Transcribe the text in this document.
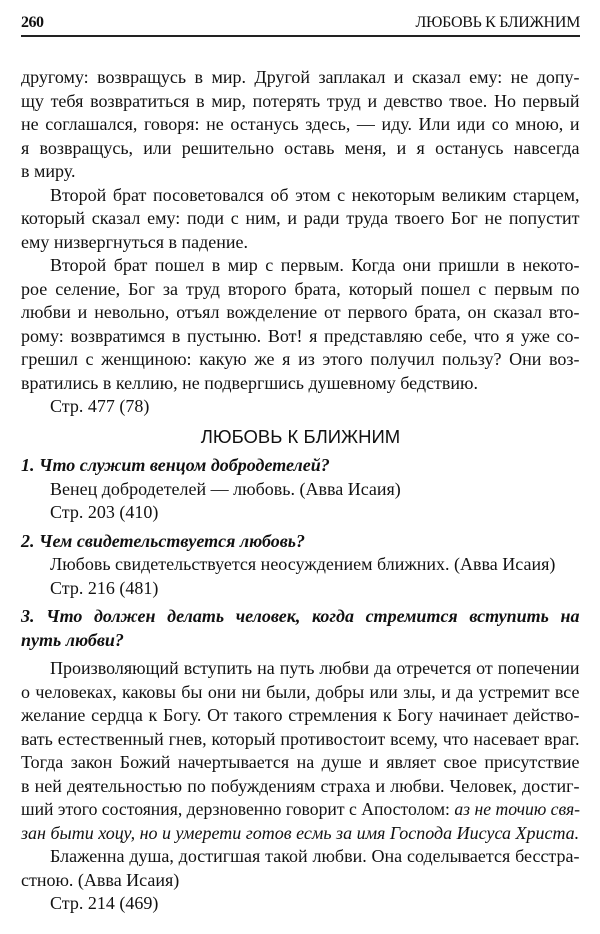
260	ЛЮБОВЬ К БЛИЖНИМ
другому: возвращусь в мир. Другой заплакал и сказал ему: не допу-
щу тебя возвратиться в мир, потерять труд и девство твое. Но первый
не соглашался, говоря: не останусь здесь, — иду. Или иди со мною, и
я возвращусь, или решительно оставь меня, и я останусь навсегда
в миру.
Второй брат посоветовался об этом с некоторым великим старцем,
который сказал ему: поди с ним, и ради труда твоего Бог не попустит
ему низвергнуться в падение.
Второй брат пошел в мир с первым. Когда они пришли в некото-
рое селение, Бог за труд второго брата, который пошел с первым по
любви и невольно, отъял вожделение от первого брата, он сказал вто-
рому: возвратимся в пустыню. Вот! я представляю себе, что я уже со-
грешил с женщиною: какую же я из этого получил пользу? Они воз-
вратились в келлию, не подвергшись душевному бедствию.
Стр. 477 (78)
ЛЮБОВЬ К БЛИЖНИМ
1. Что служит венцом добродетелей?
Венец добродетелей — любовь. (Авва Исаия)
Стр. 203 (410)
2. Чем свидетельствуется любовь?
Любовь свидетельствуется неосуждением ближних. (Авва Исаия)
Стр. 216 (481)
3. Что должен делать человек, когда стремится вступить на
путь любви?
Произволяющий вступить на путь любви да отречется от попечении
о человеках, каковы бы они ни были, добры или злы, и да устремит все
желание сердца к Богу. От такого стремления к Богу начинает действо-
вать естественный гнев, который противостоит всему, что насевает враг.
Тогда закон Божий начертывается на душе и являет свое присутствие
в ней деятельностью по побуждениям страха и любви. Человек, достиг-
ший этого состояния, дерзновенно говорит с Апостолом: аз не точию свя-
зан быти хоцу, но и умерети готов есмь за имя Господа Иисуса Христа.
Блаженна душа, достигшая такой любви. Она соделывается бесстра-
стною. (Авва Исаия)
Стр. 214 (469)
